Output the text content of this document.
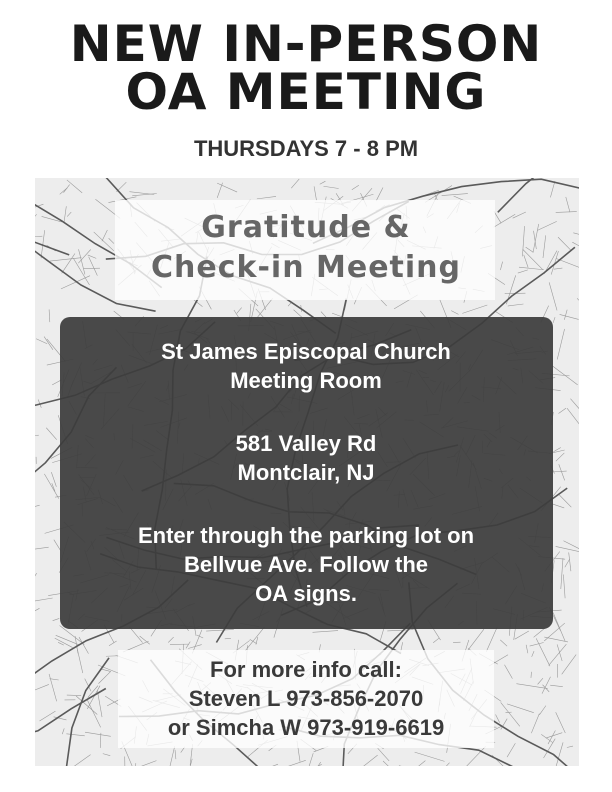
NEW IN-PERSON
OA MEETING
THURSDAYS 7 - 8 PM
Gratitude &
Check-in Meeting
St James Episcopal Church
Meeting Room
581 Valley Rd
Montclair, NJ
Enter through the parking lot on
Bellvue Ave. Follow the
OA signs.
For more info call:
Steven L 973-856-2070
or Simcha W 973-919-6619
